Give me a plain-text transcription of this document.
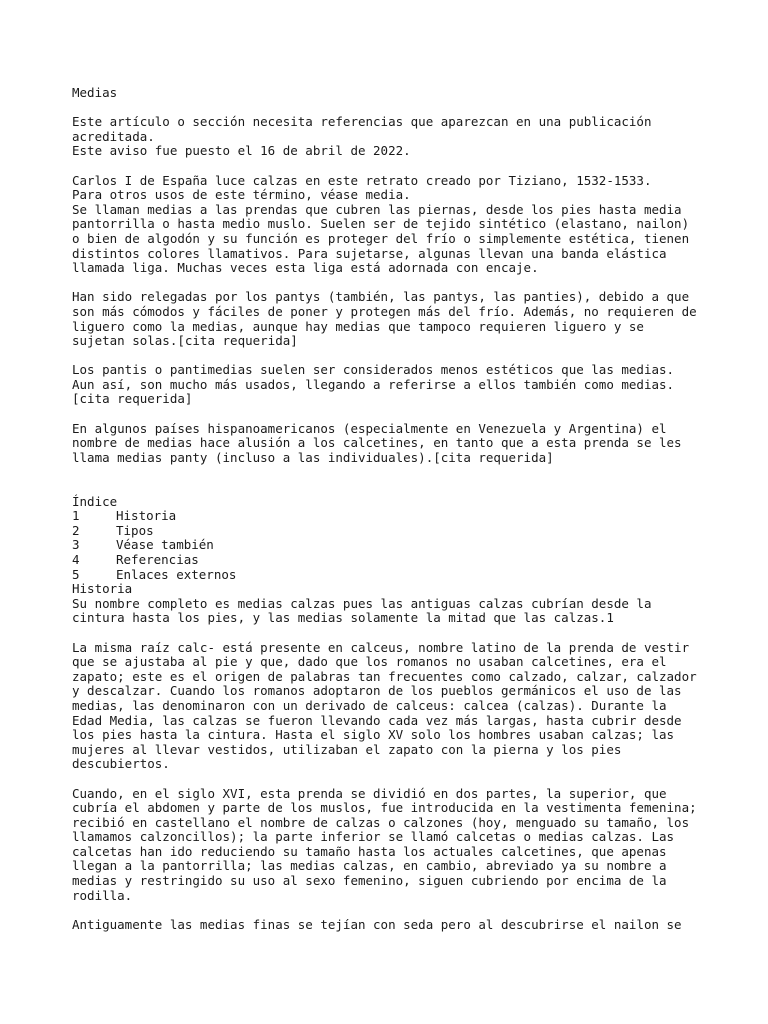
Medias
Este artículo o sección necesita referencias que aparezcan en una publicación
acreditada.
Este aviso fue puesto el 16 de abril de 2022.
Carlos I de España luce calzas en este retrato creado por Tiziano, 1532-1533.
Para otros usos de este término, véase media.
Se llaman medias a las prendas que cubren las piernas, desde los pies hasta media
pantorrilla o hasta medio muslo. Suelen ser de tejido sintético (elastano, nailon)
o bien de algodón y su función es proteger del frío o simplemente estética, tienen
distintos colores llamativos. Para sujetarse, algunas llevan una banda elástica
llamada liga. Muchas veces esta liga está adornada con encaje.
Han sido relegadas por los pantys (también, las pantys, las panties), debido a que
son más cómodos y fáciles de poner y protegen más del frío. Además, no requieren de
liguero como la medias, aunque hay medias que tampoco requieren liguero y se
sujetan solas.[cita requerida]
Los pantis o pantimedias suelen ser considerados menos estéticos que las medias.
Aun así, son mucho más usados, llegando a referirse a ellos también como medias.
[cita requerida]
En algunos países hispanoamericanos (especialmente en Venezuela y Argentina) el
nombre de medias hace alusión a los calcetines, en tanto que a esta prenda se les
llama medias panty (incluso a las individuales).[cita requerida]
Índice
1	Historia
2	Tipos
3	Véase también
4	Referencias
5	Enlaces externos
Historia
Su nombre completo es medias calzas pues las antiguas calzas cubrían desde la
cintura hasta los pies, y las medias solamente la mitad que las calzas.1
La misma raíz calc- está presente en calceus, nombre latino de la prenda de vestir
que se ajustaba al pie y que, dado que los romanos no usaban calcetines, era el
zapato; este es el origen de palabras tan frecuentes como calzado, calzar, calzador
y descalzar. Cuando los romanos adoptaron de los pueblos germánicos el uso de las
medias, las denominaron con un derivado de calceus: calcea (calzas). Durante la
Edad Media, las calzas se fueron llevando cada vez más largas, hasta cubrir desde
los pies hasta la cintura. Hasta el siglo XV solo los hombres usaban calzas; las
mujeres al llevar vestidos, utilizaban el zapato con la pierna y los pies
descubiertos.
Cuando, en el siglo XVI, esta prenda se dividió en dos partes, la superior, que
cubría el abdomen y parte de los muslos, fue introducida en la vestimenta femenina;
recibió en castellano el nombre de calzas o calzones (hoy, menguado su tamaño, los
llamamos calzoncillos); la parte inferior se llamó calcetas o medias calzas. Las
calcetas han ido reduciendo su tamaño hasta los actuales calcetines, que apenas
llegan a la pantorrilla; las medias calzas, en cambio, abreviado ya su nombre a
medias y restringido su uso al sexo femenino, siguen cubriendo por encima de la
rodilla.
Antiguamente las medias finas se tejían con seda pero al descubrirse el nailon se
